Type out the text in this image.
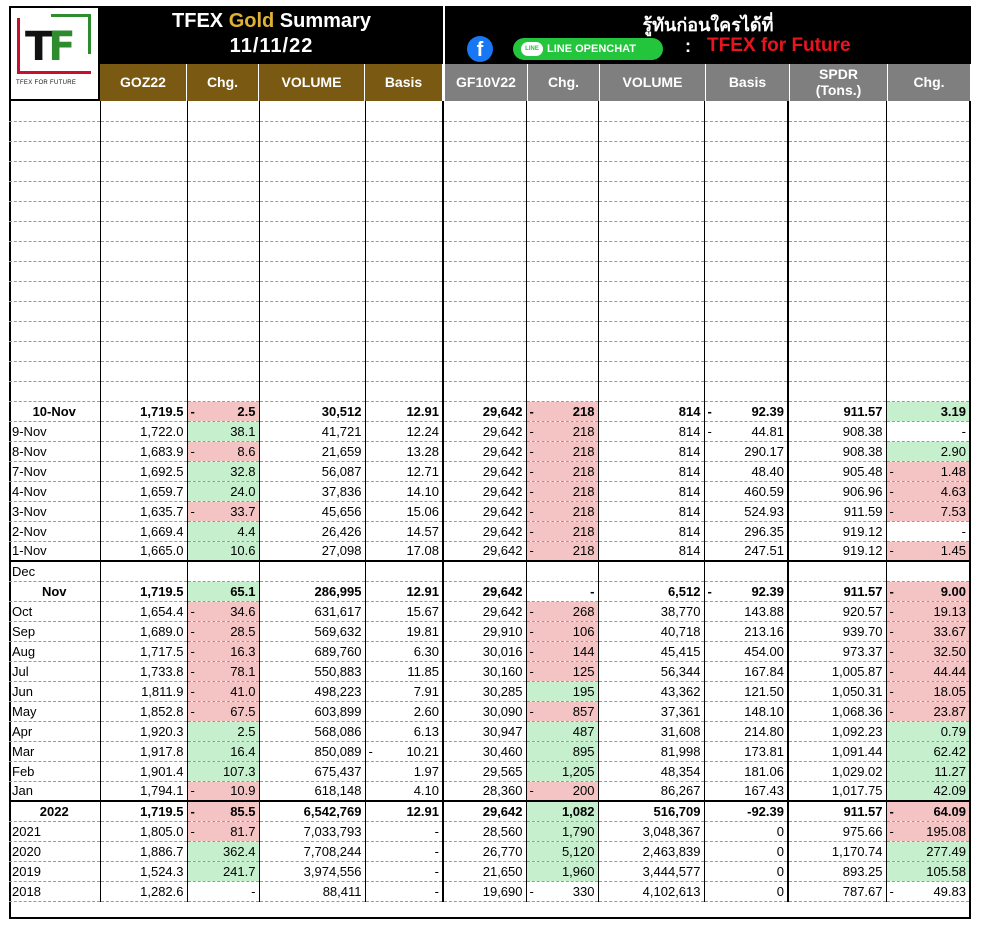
TF
TFEX FOR FUTURE
TFEX Gold Summary
11/11/22
รู้ทันก่อนใครได้ที่
f	LINE LINE OPENCHAT	: TFEX for Future
GOZ22	Chg.	VOLUME	Basis	GF10V22	Chg.	VOLUME	Basis	SPDR (Tons.)	Chg.

10-Nov	1,719.5	- 2.5	30,512	12.91	29,642	- 218	814	- 92.39	911.57	3.19

9-Nov	1,722.0	38.1	41,721	12.24	29,642	- 218	814	- 44.81	908.38	-

8-Nov	1,683.9	- 8.6	21,659	13.28	29,642	- 218	814	290.17	908.38	2.90

7-Nov	1,692.5	32.8	56,087	12.71	29,642	- 218	814	48.40	905.48	- 1.48

4-Nov	1,659.7	24.0	37,836	14.10	29,642	- 218	814	460.59	906.96	- 4.63

3-Nov	1,635.7	- 33.7	45,656	15.06	29,642	- 218	814	524.93	911.59	- 7.53

2-Nov	1,669.4	4.4	26,426	14.57	29,642	- 218	814	296.35	919.12	-

1-Nov	1,665.0	10.6	27,098	17.08	29,642	- 218	814	247.51	919.12	- 1.45

Dec										
Nov	1,719.5	65.1	286,995	12.91	29,642	-	6,512	- 92.39	911.57	- 9.00

Oct	1,654.4	- 34.6	631,617	15.67	29,642	- 268	38,770	143.88	920.57	- 19.13

Sep	1,689.0	- 28.5	569,632	19.81	29,910	- 106	40,718	213.16	939.70	- 33.67

Aug	1,717.5	- 16.3	689,760	6.30	30,016	- 144	45,415	454.00	973.37	- 32.50

Jul	1,733.8	- 78.1	550,883	11.85	30,160	- 125	56,344	167.84	1,005.87	- 44.44

Jun	1,811.9	- 41.0	498,223	7.91	30,285	195	43,362	121.50	1,050.31	- 18.05

May	1,852.8	- 67.5	603,899	2.60	30,090	- 857	37,361	148.10	1,068.36	- 23.87

Apr	1,920.3	2.5	568,086	6.13	30,947	487	31,608	214.80	1,092.23	0.79

Mar	1,917.8	16.4	850,089	- 10.21	30,460	895	81,998	173.81	1,091.44	62.42

Feb	1,901.4	107.3	675,437	1.97	29,565	1,205	48,354	181.06	1,029.02	11.27

Jan	1,794.1	- 10.9	618,148	4.10	28,360	- 200	86,267	167.43	1,017.75	42.09

2022	1,719.5	- 85.5	6,542,769	12.91	29,642	1,082	516,709	-92.39	911.57	- 64.09

2021	1,805.0	- 81.7	7,033,793	-	28,560	1,790	3,048,367	0	975.66	- 195.08

2020	1,886.7	362.4	7,708,244	-	26,770	5,120	2,463,839	0	1,170.74	277.49

2019	1,524.3	241.7	3,974,556	-	21,650	1,960	3,444,577	0	893.25	105.58

2018	1,282.6	-	88,411	-	19,690	- 330	4,102,613	0	787.67	- 49.83
